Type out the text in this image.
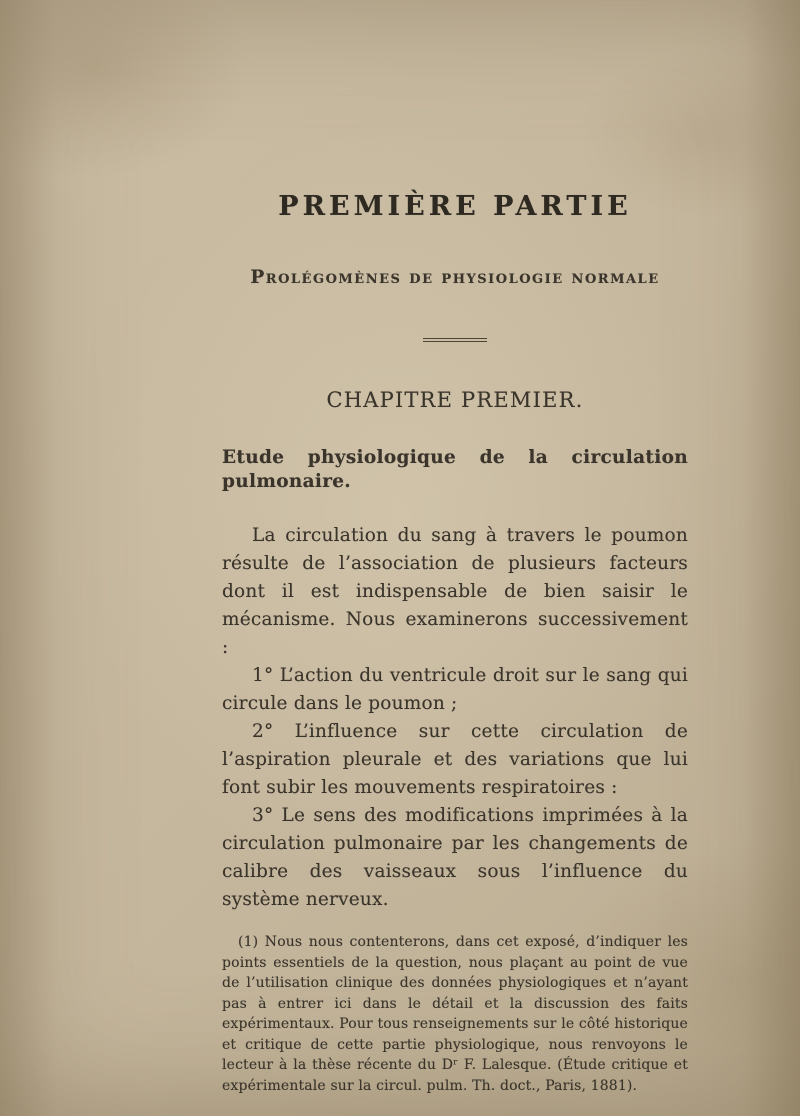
PREMIÈRE PARTIE
Prolégomènes de physiologie normale
CHAPITRE PREMIER.
Etude physiologique de la circulation pulmonaire.

La circulation du sang à travers le poumon résulte de l’association de plusieurs facteurs dont il est indispensable de bien saisir le mécanisme. Nous examinerons successivement :

1° L’action du ventricule droit sur le sang qui circule dans le poumon ;

2° L’influence sur cette circulation de l’aspiration pleurale et des variations que lui font subir les mouvements respiratoires :

3° Le sens des modifications imprimées à la circulation pulmonaire par les changements de calibre des vaisseaux sous l’influence du système nerveux.

(1) Nous nous contenterons, dans cet exposé, d’indiquer les points essentiels de la question, nous plaçant au point de vue de l’utilisation clinique des données physiologiques et n’ayant pas à entrer ici dans le détail et la discussion des faits expérimentaux. Pour tous renseignements sur le côté historique et critique de cette partie physiologique, nous renvoyons le lecteur à la thèse récente du Dʳ F. Lalesque. (Étude critique et expérimentale sur la circul. pulm. Th. doct., Paris, 1881).
